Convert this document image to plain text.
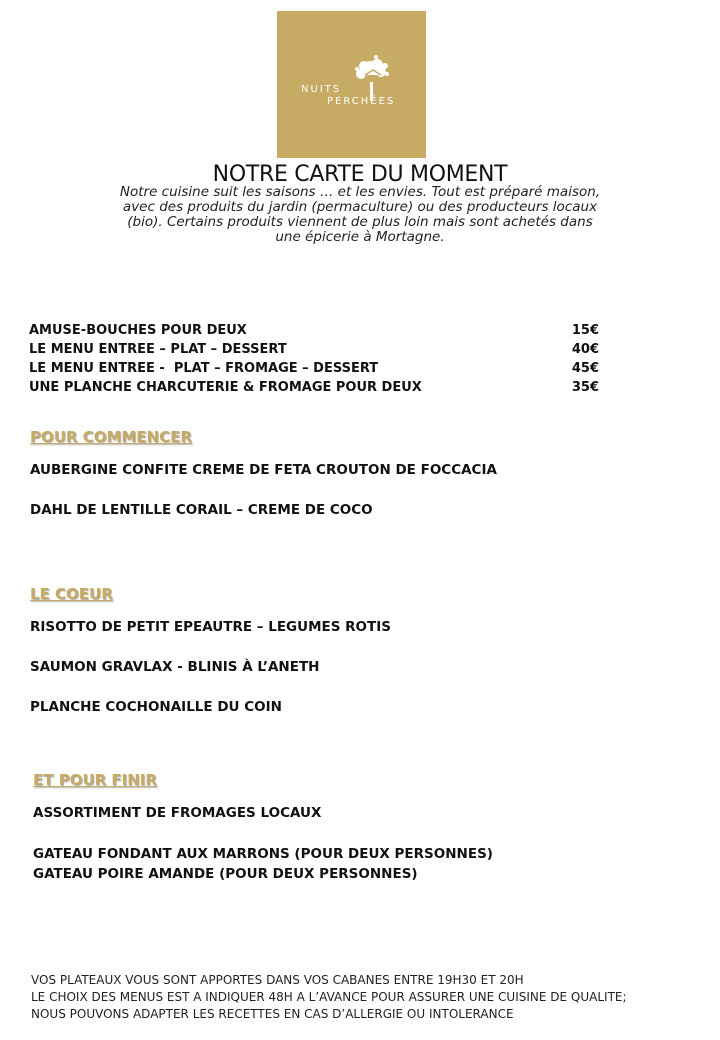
NUITS
PERCHÉES
NOTRE CARTE DU MOMENT
Notre cuisine suit les saisons … et les envies. Tout est préparé maison,
avec des produits du jardin (permaculture) ou des producteurs locaux
(bio). Certains produits viennent de plus loin mais sont achetés dans
une épicerie à Mortagne.
AMUSE-BOUCHES POUR DEUX	15€
LE MENU ENTREE – PLAT – DESSERT	40€
LE MENU ENTREE -  PLAT – FROMAGE – DESSERT	45€
UNE PLANCHE CHARCUTERIE & FROMAGE POUR DEUX	35€
POUR COMMENCER
AUBERGINE CONFITE CREME DE FETA CROUTON DE FOCCACIA
DAHL DE LENTILLE CORAIL – CREME DE COCO
LE COEUR
RISOTTO DE PETIT EPEAUTRE – LEGUMES ROTIS
SAUMON GRAVLAX - BLINIS À L’ANETH
PLANCHE COCHONAILLE DU COIN
ET POUR FINIR
ASSORTIMENT DE FROMAGES LOCAUX
GATEAU FONDANT AUX MARRONS (POUR DEUX PERSONNES)
GATEAU POIRE AMANDE (POUR DEUX PERSONNES)
VOS PLATEAUX VOUS SONT APPORTES DANS VOS CABANES ENTRE 19H30 ET 20H
LE CHOIX DES MENUS EST A INDIQUER 48H A L’AVANCE POUR ASSURER UNE CUISINE DE QUALITE;
NOUS POUVONS ADAPTER LES RECETTES EN CAS D’ALLERGIE OU INTOLERANCE
